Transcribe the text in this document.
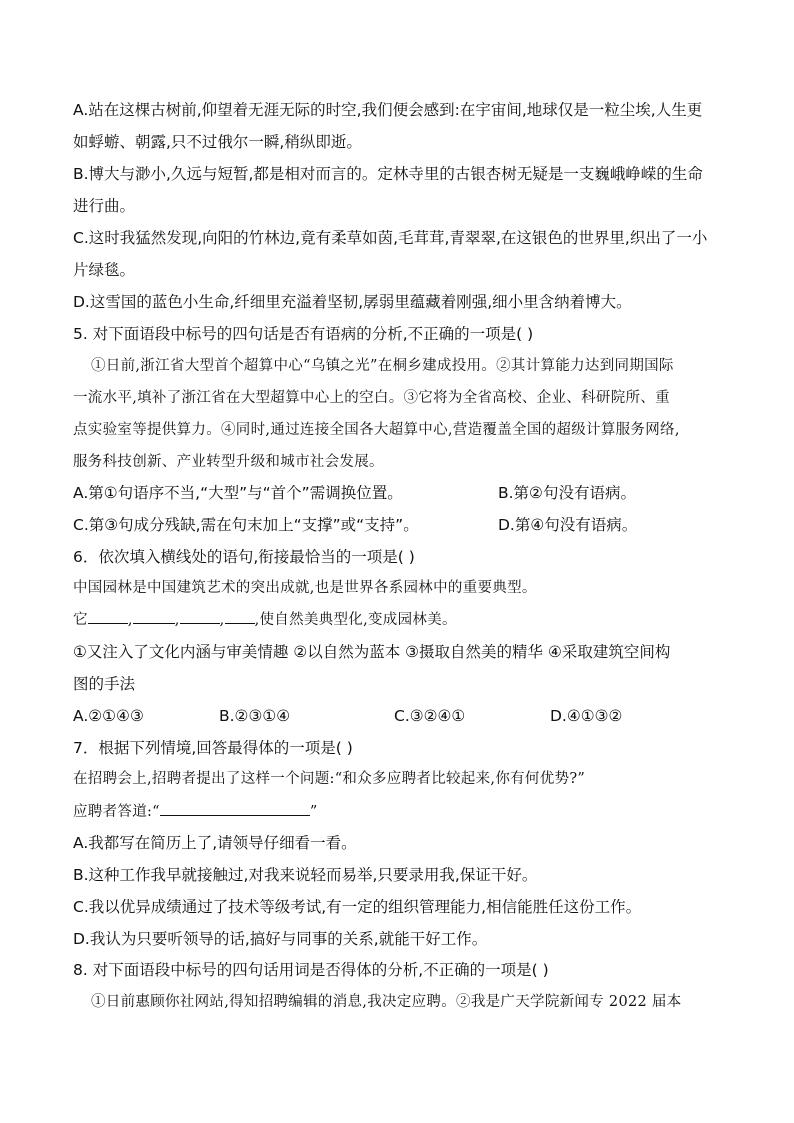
A.站在这棵古树前,仰望着无涯无际的时空,我们便会感到:在宇宙间,地球仅是一粒尘埃,人生更
如蜉蝣、朝露,只不过俄尔一瞬,稍纵即逝。
B.博大与渺小,久远与短暂,都是相对而言的。定林寺里的古银杏树无疑是一支巍峨峥嵘的生命
进行曲。
C.这时我猛然发现,向阳的竹林边,竟有柔草如茵,毛茸茸,青翠翠,在这银色的世界里,织出了一小
片绿毯。
D.这雪国的蓝色小生命,纤细里充溢着坚韧,孱弱里蕴藏着刚强,细小里含纳着博大。
5. 对下面语段中标号的四句话是否有语病的分析,不正确的一项是( )
①日前,浙江省大型首个超算中心“乌镇之光”在桐乡建成投用。②其计算能力达到同期国际
一流水平,填补了浙江省在大型超算中心上的空白。③它将为全省高校、企业、科研院所、重
点实验室等提供算力。④同时,通过连接全国各大超算中心,营造覆盖全国的超级计算服务网络,
服务科技创新、产业转型升级和城市社会发展。
A.第①句语序不当,“大型”与“首个”需调换位置。	B.第②句没有语病。
C.第③句成分残缺,需在句末加上“支撑”或“支持”。	D.第④句没有语病。
6．依次填入横线处的语句,衔接最恰当的一项是( )
中国园林是中国建筑艺术的突出成就,也是世界各系园林中的重要典型。
它	,	,	, ,使自然美典型化,变成园林美。
①又注入了文化内涵与审美情趣 ②以自然为蓝本 ③摄取自然美的精华 ④采取建筑空间构
图的手法
A.②①④③	B.②③①④	C.③②④①	D.④①③②
7．根据下列情境,回答最得体的一项是( )
在招聘会上,招聘者提出了这样一个问题:“和众多应聘者比较起来,你有何优势?”
应聘者答道:“	”
A.我都写在简历上了,请领导仔细看一看。
B.这种工作我早就接触过,对我来说轻而易举,只要录用我,保证干好。
C.我以优异成绩通过了技术等级考试,有一定的组织管理能力,相信能胜任这份工作。
D.我认为只要听领导的话,搞好与同事的关系,就能干好工作。
8. 对下面语段中标号的四句话用词是否得体的分析,不正确的一项是( )
①日前惠顾你社网站,得知招聘编辑的消息,我决定应聘。②我是广天学院新闻专 2022 届本
